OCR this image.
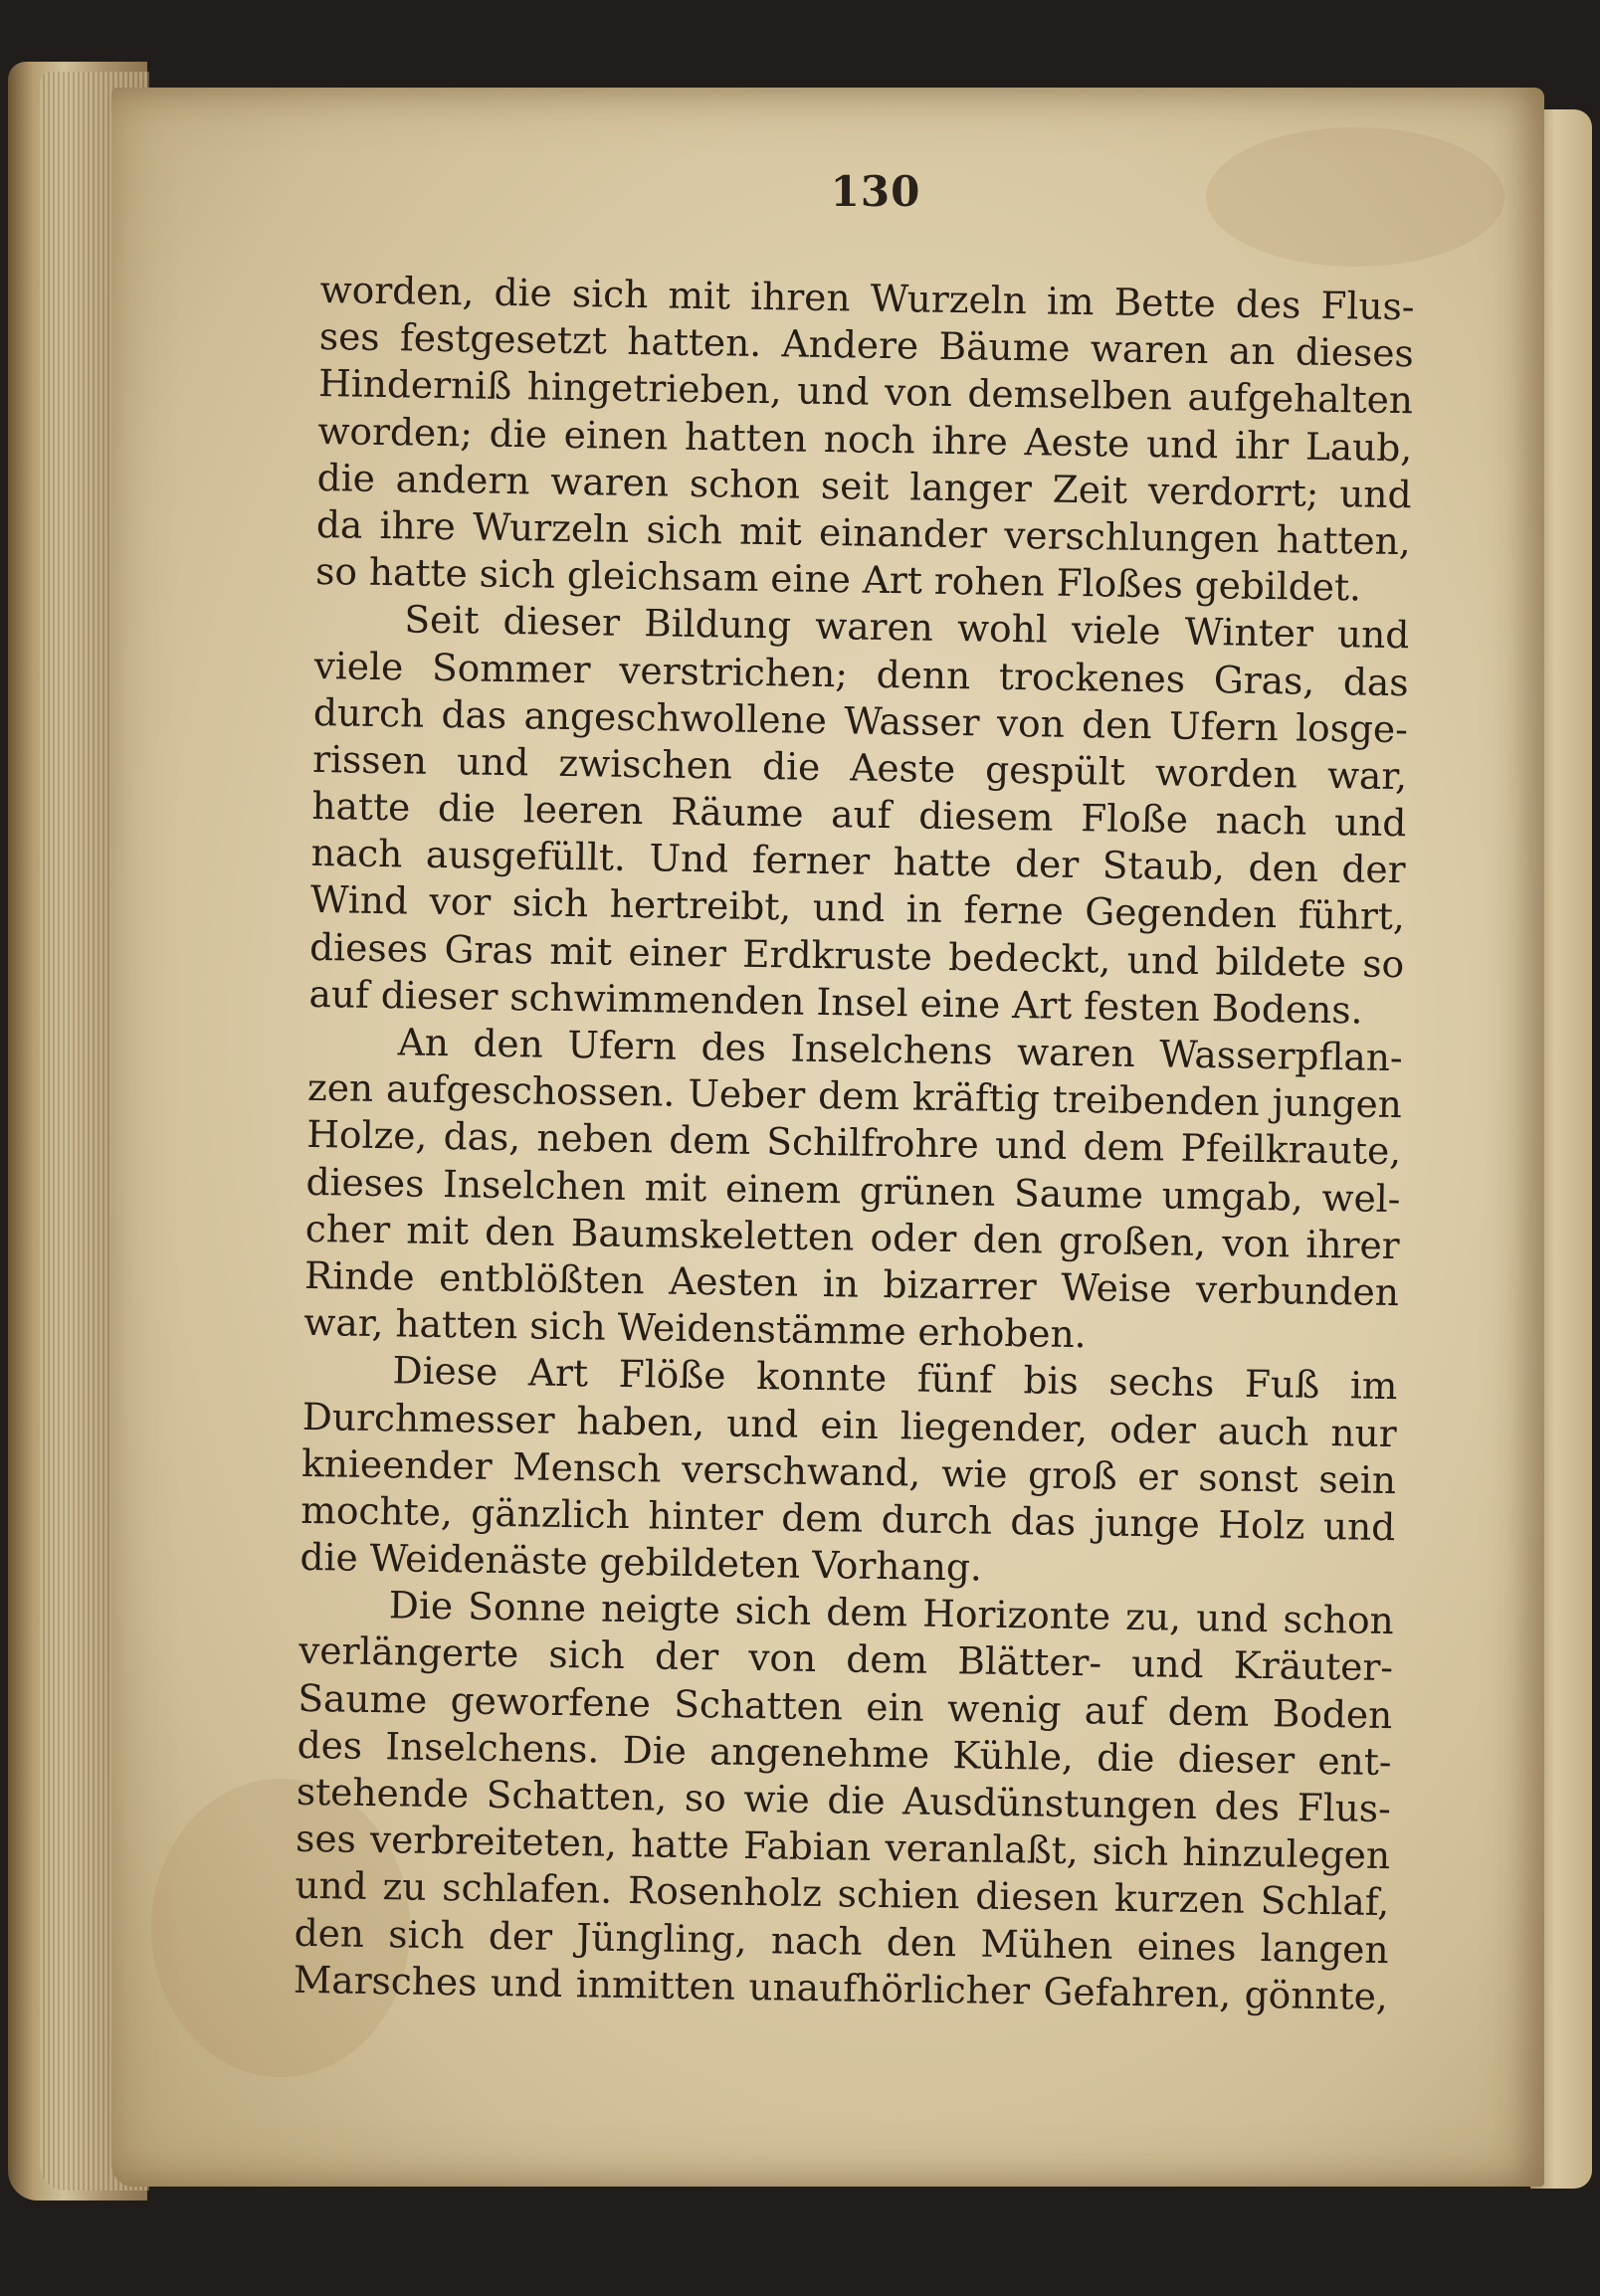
130
worden, die sich mit ihren Wurzeln im Bette des Flus-
ses festgesetzt hatten. Andere Bäume waren an dieses
Hinderniß hingetrieben, und von demselben aufgehalten
worden; die einen hatten noch ihre Aeste und ihr Laub,
die andern waren schon seit langer Zeit verdorrt; und
da ihre Wurzeln sich mit einander verschlungen hatten,
so hatte sich gleichsam eine Art rohen Floßes gebildet.
Seit dieser Bildung waren wohl viele Winter und
viele Sommer verstrichen; denn trockenes Gras, das
durch das angeschwollene Wasser von den Ufern losge-
rissen und zwischen die Aeste gespült worden war,
hatte die leeren Räume auf diesem Floße nach und
nach ausgefüllt. Und ferner hatte der Staub, den der
Wind vor sich hertreibt, und in ferne Gegenden führt,
dieses Gras mit einer Erdkruste bedeckt, und bildete so
auf dieser schwimmenden Insel eine Art festen Bodens.
An den Ufern des Inselchens waren Wasserpflan-
zen aufgeschossen. Ueber dem kräftig treibenden jungen
Holze, das, neben dem Schilfrohre und dem Pfeilkraute,
dieses Inselchen mit einem grünen Saume umgab, wel-
cher mit den Baumskeletten oder den großen, von ihrer
Rinde entblößten Aesten in bizarrer Weise verbunden
war, hatten sich Weidenstämme erhoben.
Diese Art Flöße konnte fünf bis sechs Fuß im
Durchmesser haben, und ein liegender, oder auch nur
knieender Mensch verschwand, wie groß er sonst sein
mochte, gänzlich hinter dem durch das junge Holz und
die Weidenäste gebildeten Vorhang.
Die Sonne neigte sich dem Horizonte zu, und schon
verlängerte sich der von dem Blätter- und Kräuter-
Saume geworfene Schatten ein wenig auf dem Boden
des Inselchens. Die angenehme Kühle, die dieser ent-
stehende Schatten, so wie die Ausdünstungen des Flus-
ses verbreiteten, hatte Fabian veranlaßt, sich hinzulegen
und zu schlafen. Rosenholz schien diesen kurzen Schlaf,
den sich der Jüngling, nach den Mühen eines langen
Marsches und inmitten unaufhörlicher Gefahren, gönnte,
